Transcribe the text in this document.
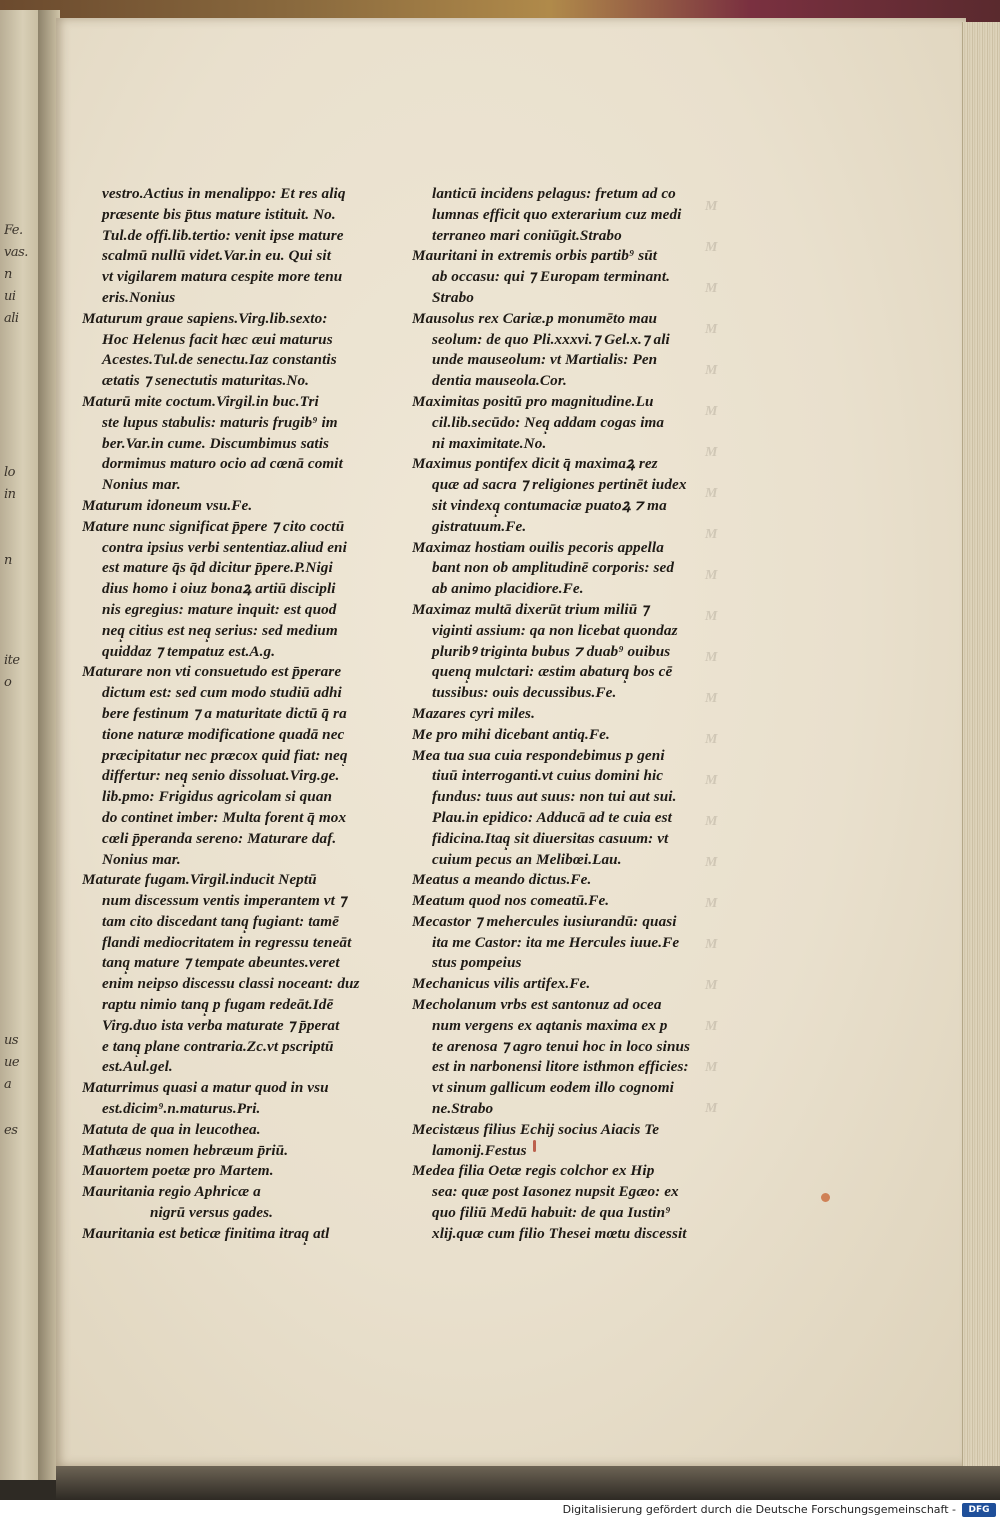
Fe.
vas.
n
ui
ali
lo
in
n
ite
o
us
ue
a
es
M
M
M
M
M
M
M
M
M
M
M
M
M
M
M
M
M
M
M
M
M
M
M
vestro.Actius in menalippo: Et res aliq
præsente bis p̄tus mature istituit. No.
Tul.de offi.lib.tertio: venit ipse mature
scalmū nullū videt.Var.in eu. Qui sit
vt vigilarem matura cespite more tenu
eris.Nonius
Maturum graue sapiens.Virg.lib.sexto:
Hoc Helenus facit hæc æui maturus
Acestes.Tul.de senectu.Iaz constantis
ætatis ⁊ senectutis maturitas.No.
Maturū mite coctum.Virgil.in buc.Tri
ste lupus stabulis: maturis frugib⁹ im
ber.Var.in cume. Discumbimus satis
dormimus maturo ocio ad cœnā comit
Nonius mar.
Maturum idoneum vsu.Fe.
Mature nunc significat p̄pere ⁊ cito coctū
contra ipsius verbi sententiaz.aliud eni
est mature q̄s q̄d dicitur p̄pere.P.Nigi
dius homo i oiuz bonaꝝ artiū discipli
nis egregius: mature inquit: est quod
neq̧ citius est neq̧ serius: sed medium
quiddaz ⁊ tempatuz est.A.g.
Maturare non vti consuetudo est p̄perare
dictum est: sed cum modo studiū adhi
bere festinum ⁊ a maturitate dictū q̄ ra
tione naturæ modificatione quadā nec
præcipitatur nec præcox quid fiat: neq̧
differtur: neq̧ senio dissoluat.Virg.ge.
lib.pmo: Frigidus agricolam si quan
do continet imber: Multa forent q̄ mox
cœli p̄peranda sereno: Maturare daf.
Nonius mar.
Maturate fugam.Virgil.inducit Neptū
num discessum ventis imperantem vt ⁊
tam cito discedant tanq̧ fugiant: tamē
flandi mediocritatem in regressu teneāt
tanq̧ mature ⁊ tempate abeuntes.veret
enim neipso discessu classi noceant: duz
raptu nimio tanq̧ p fugam redeāt.Idē
Virg.duo ista verba maturate ⁊ p̄perat
e tanq̧ plane contraria.Zc.vt pscriptū
est.Aul.gel.
Maturrimus quasi a matur quod in vsu
est.dicim⁹.n.maturus.Pri.
Matuta de qua in leucothea.
Mathæus nomen hebræum p̄riū.
Mauortem poetæ pro Martem.
Mauritania regio Aphricæ a
nigrū versus gades.
Mauritania est beticæ finitima itraq̧ atl
lanticū incidens pelagus: fretum ad co
lumnas efficit quo exterarium cuz medi
terraneo mari coniūgit.Strabo
Mauritani in extremis orbis partib⁹ sūt
ab occasu: qui ⁊ Europam terminant.
Strabo
Mausolus rex Cariæ.p monumēto mau
seolum: de quo Pli.xxxvi.⁊ Gel.x.⁊ ali
unde mauseolum: vt Martialis: Pen
dentia mauseola.Cor.
Maximitas positū pro magnitudine.Lu
cil.lib.secūdo: Neq̧ addam cogas ima
ni maximitate.No.
Maximus pontifex dicit q̄ maximaꝝ rez
quæ ad sacra ⁊ religiones pertinēt iudex
sit vindexq̧ contumaciæ puatoꝝ ⁊ ma
gistratuum.Fe.
Maximaz hostiam ouilis pecoris appella
bant non ob amplitudinē corporis: sed
ab animo placidiore.Fe.
Maximaz multā dixerūt trium miliū ⁊
viginti assium: qa non licebat quondaz
pluribꝰ triginta bubus ⁊ duab⁹ ouibus
quenq̧ mulctari: æstim abaturq̧ bos cē
tussibus: ouis decussibus.Fe.
Mazares cyri miles.
Me pro mihi dicebant antiq.Fe.
Mea tua sua cuia respondebimus p geni
tiuū interroganti.vt cuius domini hic
fundus: tuus aut suus: non tui aut sui.
Plau.in epidico: Adducā ad te cuia est
fidicina.Itaq̧ sit diuersitas casuum: vt
cuium pecus an Melibœi.Lau.
Meatus a meando dictus.Fe.
Meatum quod nos comeatū.Fe.
Mecastor ⁊ mehercules iusiurandū: quasi
ita me Castor: ita me Hercules iuue.Fe
stus pompeius
Mechanicus vilis artifex.Fe.
Mecholanum vrbs est santonuz ad ocea
num vergens ex aqtanis maxima ex p
te arenosa ⁊ agro tenui hoc in loco sinus
est in narbonensi litore isthmon efficies:
vt sinum gallicum eodem illo cognomi
ne.Strabo
Mecistæus filius Echij socius Aiacis Te
lamonij.Festus
Medea filia Oetæ regis colchor ex Hip
sea: quæ post Iasonez nupsit Egæo: ex
quo filiū Medū habuit: de qua Iustin⁹
xlij.quæ cum filio Thesei mœtu discessit
Digitalisierung gefördert durch die Deutsche Forschungsgemeinschaft -	DFG
